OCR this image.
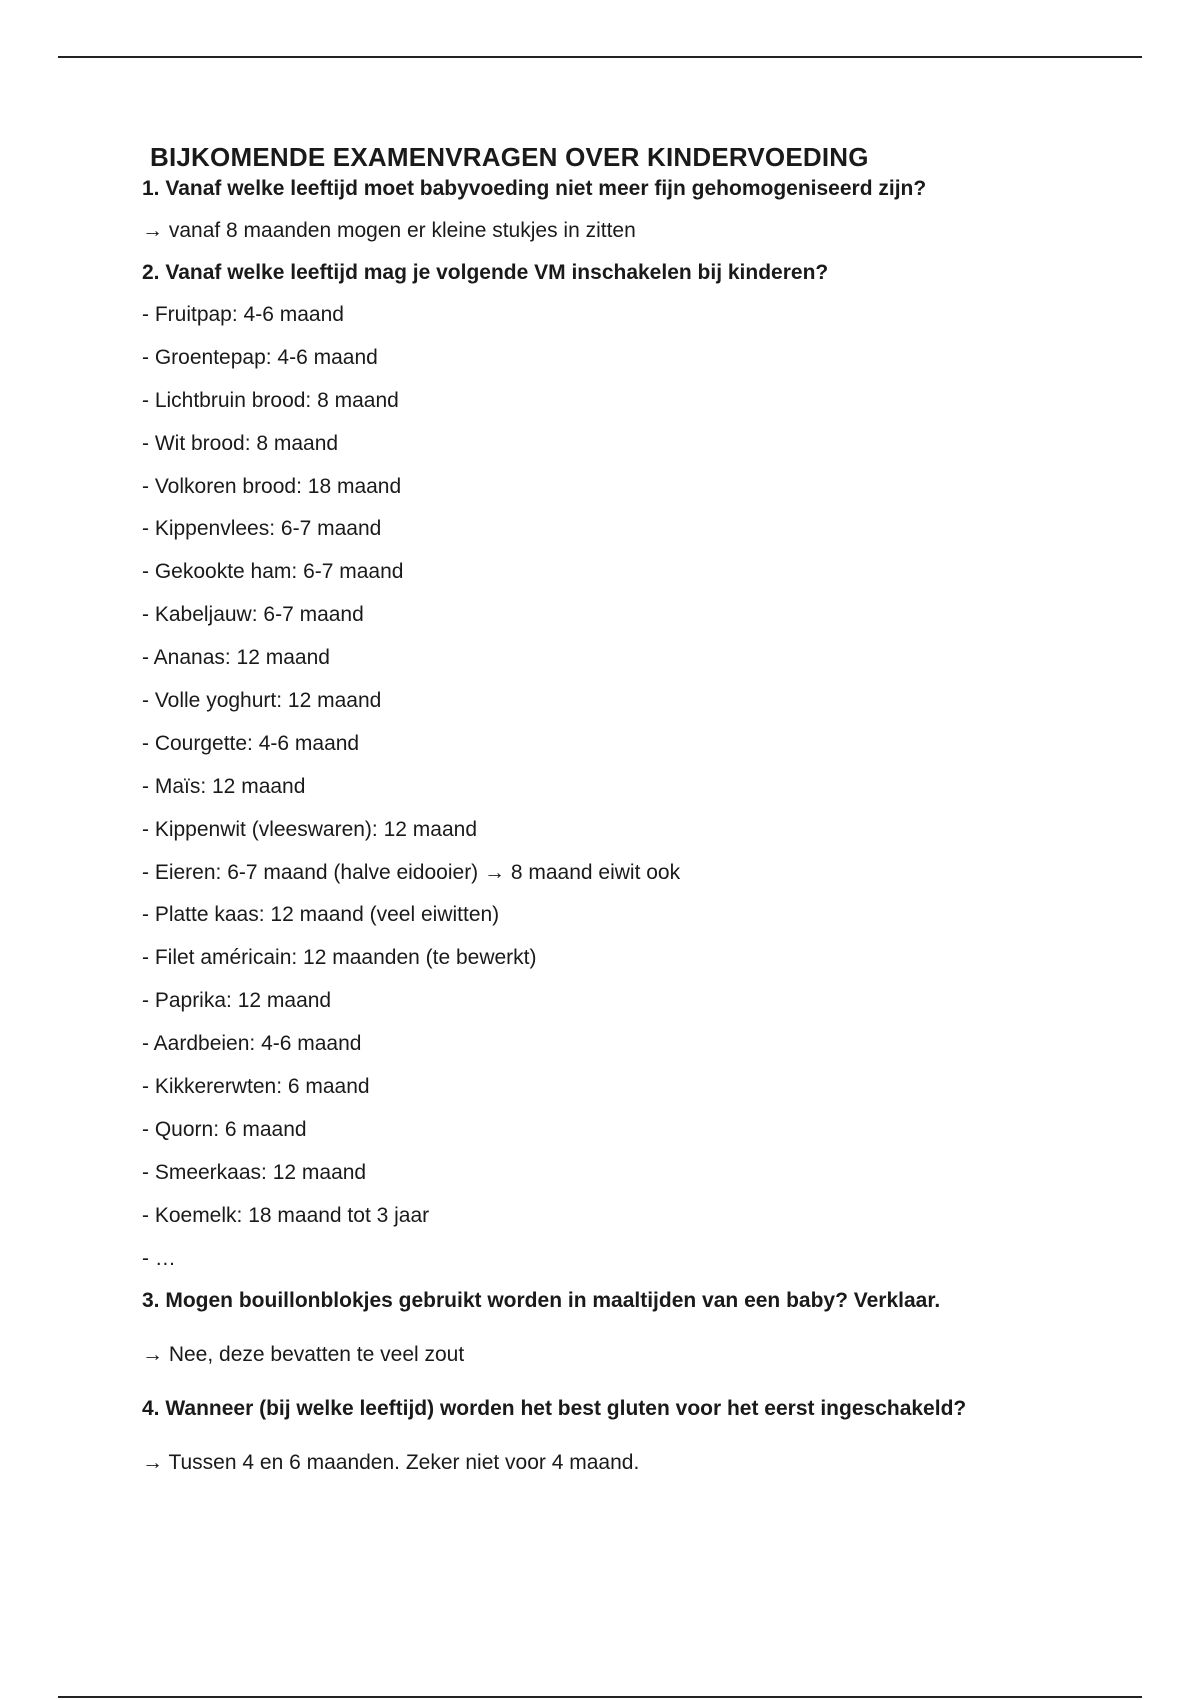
BIJKOMENDE EXAMENVRAGEN OVER KINDERVOEDING
1. Vanaf welke leeftijd moet babyvoeding niet meer fijn gehomogeniseerd zijn?
→ vanaf 8 maanden mogen er kleine stukjes in zitten
2. Vanaf welke leeftijd mag je volgende VM inschakelen bij kinderen?
- Fruitpap: 4-6 maand
- Groentepap: 4-6 maand
- Lichtbruin brood: 8 maand
- Wit brood: 8 maand
- Volkoren brood: 18 maand
- Kippenvlees: 6-7 maand
- Gekookte ham: 6-7 maand
- Kabeljauw: 6-7 maand
- Ananas: 12 maand
- Volle yoghurt: 12 maand
- Courgette: 4-6 maand
- Maïs: 12 maand
- Kippenwit (vleeswaren): 12 maand
- Eieren: 6-7 maand (halve eidooier) → 8 maand eiwit ook
- Platte kaas: 12 maand (veel eiwitten)
- Filet américain: 12 maanden (te bewerkt)
- Paprika: 12 maand
- Aardbeien: 4-6 maand
- Kikkererwten: 6 maand
- Quorn: 6 maand
- Smeerkaas: 12 maand
- Koemelk: 18 maand tot 3 jaar
- …
3. Mogen bouillonblokjes gebruikt worden in maaltijden van een baby? Verklaar.
→ Nee, deze bevatten te veel zout
4. Wanneer (bij welke leeftijd) worden het best gluten voor het eerst ingeschakeld?
→ Tussen 4 en 6 maanden. Zeker niet voor 4 maand.
